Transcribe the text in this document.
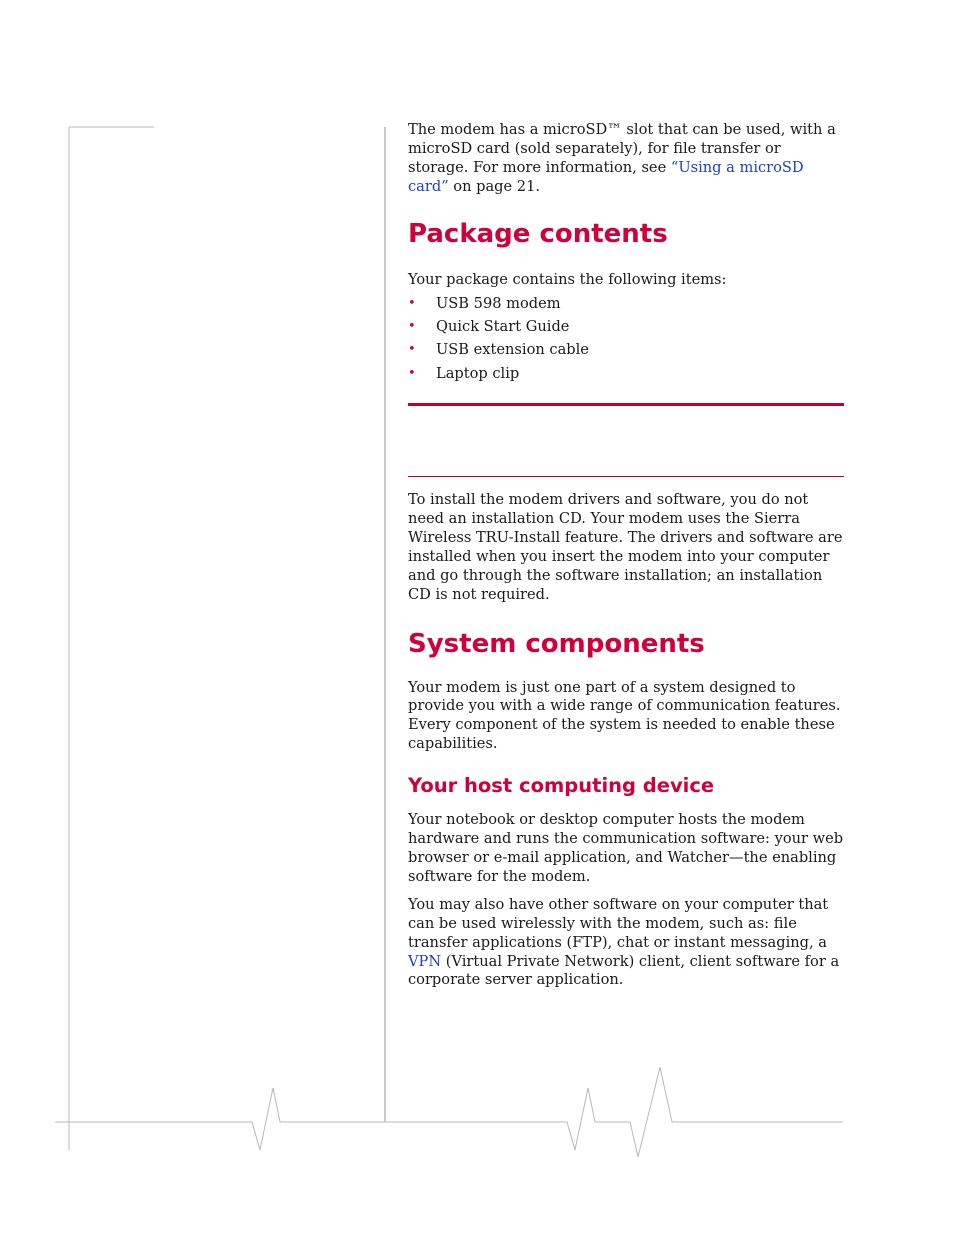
The modem has a microSD™ slot that can be used, with a microSD card (sold separately), for file transfer or storage. For more information, see “Using a microSD card” on page 21.

Package contents

Your package contains the following items:

• USB 598 modem
• Quick Start Guide
• USB extension cable
• Laptop clip

To install the modem drivers and software, you do not need an installation CD. Your modem uses the Sierra Wireless TRU-Install feature. The drivers and software are installed when you insert the modem into your computer and go through the software installation; an installation CD is not required.

System components

Your modem is just one part of a system designed to provide you with a wide range of communication features. Every component of the system is needed to enable these capabilities.

Your host computing device

Your notebook or desktop computer hosts the modem hardware and runs the communication software: your web browser or e-mail application, and Watcher—the enabling software for the modem.

You may also have other software on your computer that can be used wirelessly with the modem, such as: file transfer applications (FTP), chat or instant messaging, a VPN (Virtual Private Network) client, client software for a corporate server application.
